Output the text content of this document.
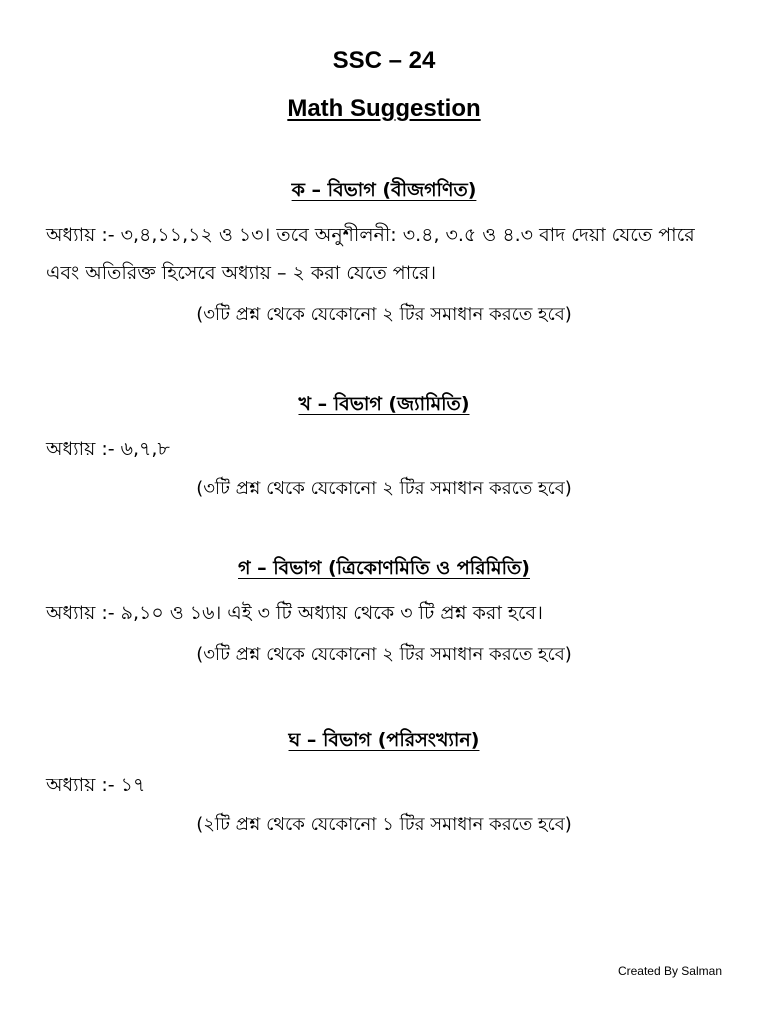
SSC – 24
Math Suggestion

ক – বিভাগ (বীজগণিত)

অধ্যায় :- ৩,৪,১১,১২ ও ১৩। তবে অনুশীলনী: ৩.৪, ৩.৫ ও ৪.৩ বাদ দেয়া যেতে পারে এবং অতিরিক্ত হিসেবে অধ্যায় – ২ করা যেতে পারে।

(৩টি প্রশ্ন থেকে যেকোনো ২ টির সমাধান করতে হবে)

খ – বিভাগ (জ্যামিতি)

অধ্যায় :- ৬,৭,৮

(৩টি প্রশ্ন থেকে যেকোনো ২ টির সমাধান করতে হবে)

গ – বিভাগ (ত্রিকোণমিতি ও পরিমিতি)

অধ্যায় :- ৯,১০ ও ১৬। এই ৩ টি অধ্যায় থেকে ৩ টি প্রশ্ন করা হবে।

(৩টি প্রশ্ন থেকে যেকোনো ২ টির সমাধান করতে হবে)

ঘ – বিভাগ (পরিসংখ্যান)

অধ্যায় :- ১৭

(২টি প্রশ্ন থেকে যেকোনো ১ টির সমাধান করতে হবে)

Created By Salman
